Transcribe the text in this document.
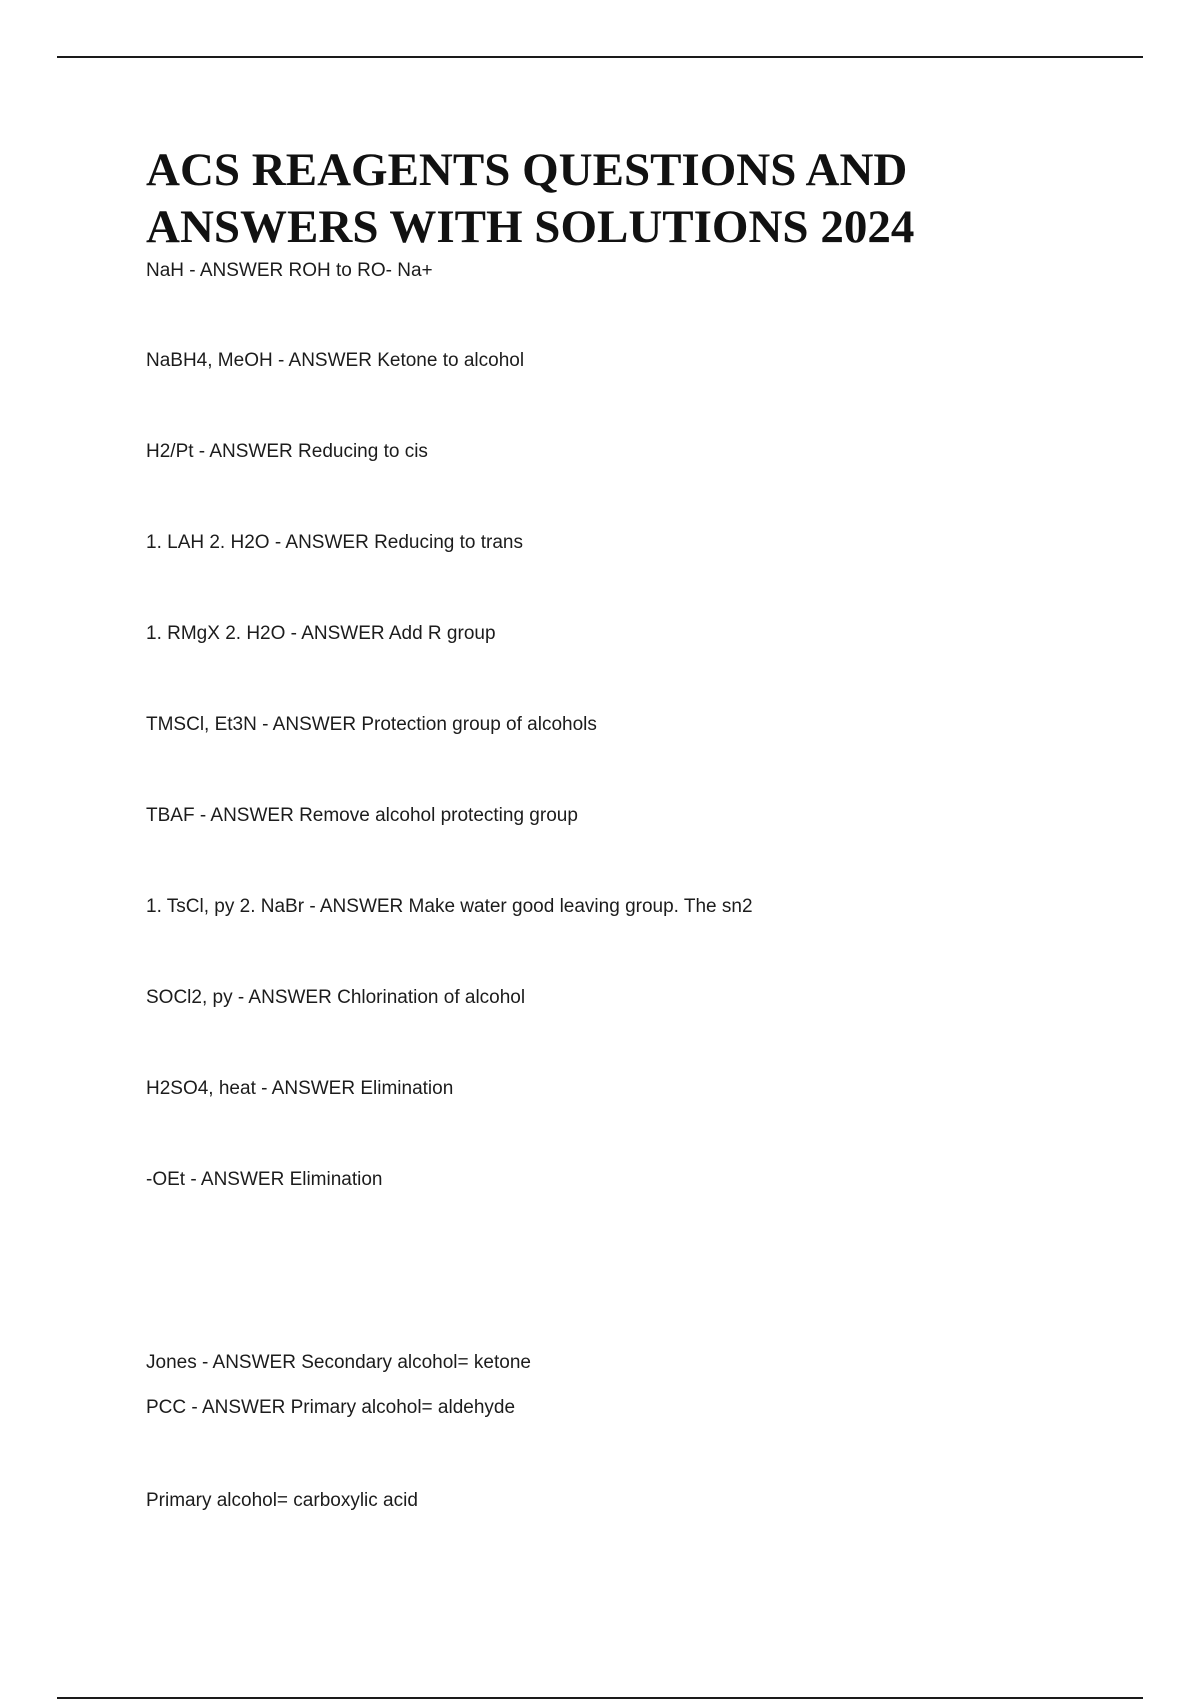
ACS REAGENTS QUESTIONS AND
ANSWERS WITH SOLUTIONS 2024
NaH - ANSWER ROH to RO- Na+
NaBH4, MeOH - ANSWER Ketone to alcohol
H2/Pt - ANSWER Reducing to cis
1. LAH 2. H2O - ANSWER Reducing to trans
1. RMgX 2. H2O - ANSWER Add R group
TMSCl, Et3N - ANSWER Protection group of alcohols
TBAF - ANSWER Remove alcohol protecting group
1. TsCl, py 2. NaBr - ANSWER Make water good leaving group. The sn2
SOCl2, py - ANSWER Chlorination of alcohol
H2SO4, heat - ANSWER Elimination
-OEt - ANSWER Elimination

Jones - ANSWER Secondary alcohol= ketone

Primary alcohol= carboxylic acid

PCC - ANSWER Primary alcohol= aldehyde
